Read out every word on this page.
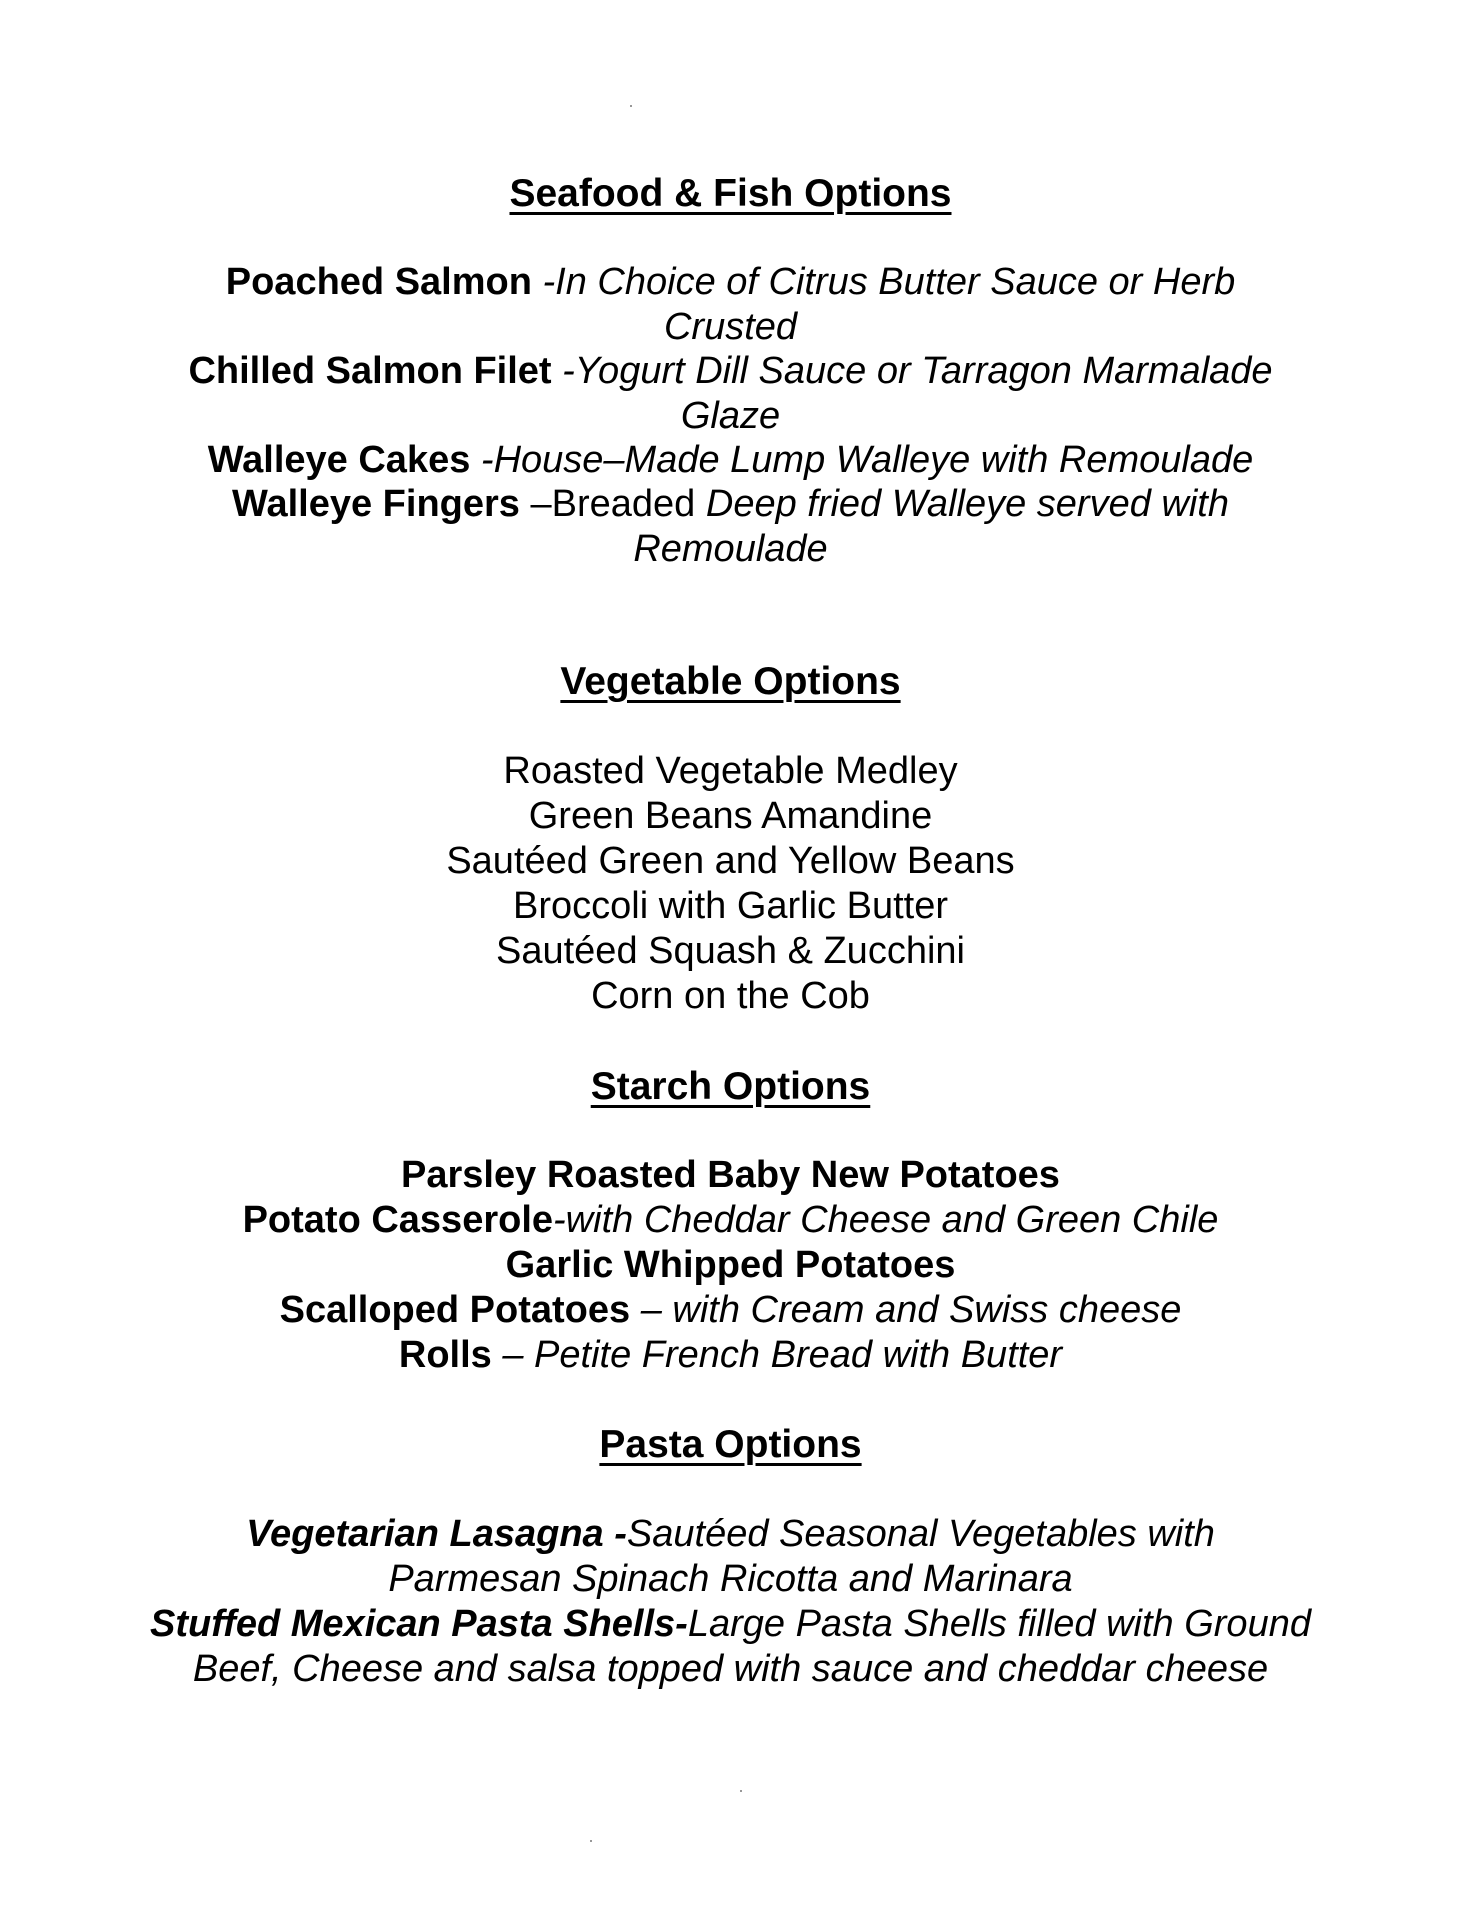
Seafood & Fish Options
Poached Salmon -In Choice of Citrus Butter Sauce or Herb Crusted
Chilled Salmon Filet -Yogurt Dill Sauce or Tarragon Marmalade Glaze
Walleye Cakes -House–Made Lump Walleye with Remoulade
Walleye Fingers –Breaded Deep fried Walleye served with Remoulade
Vegetable Options
Roasted Vegetable Medley
Green Beans Amandine
Sautéed Green and Yellow Beans
Broccoli with Garlic Butter
Sautéed Squash & Zucchini
Corn on the Cob
Starch Options
Parsley Roasted Baby New Potatoes
Potato Casserole-with Cheddar Cheese and Green Chile
Garlic Whipped Potatoes
Scalloped Potatoes – with Cream and Swiss cheese
Rolls – Petite French Bread with Butter
Pasta Options
Vegetarian Lasagna -Sautéed Seasonal Vegetables with Parmesan Spinach Ricotta and Marinara
Stuffed Mexican Pasta Shells-Large Pasta Shells filled with Ground Beef, Cheese and salsa topped with sauce and cheddar cheese
